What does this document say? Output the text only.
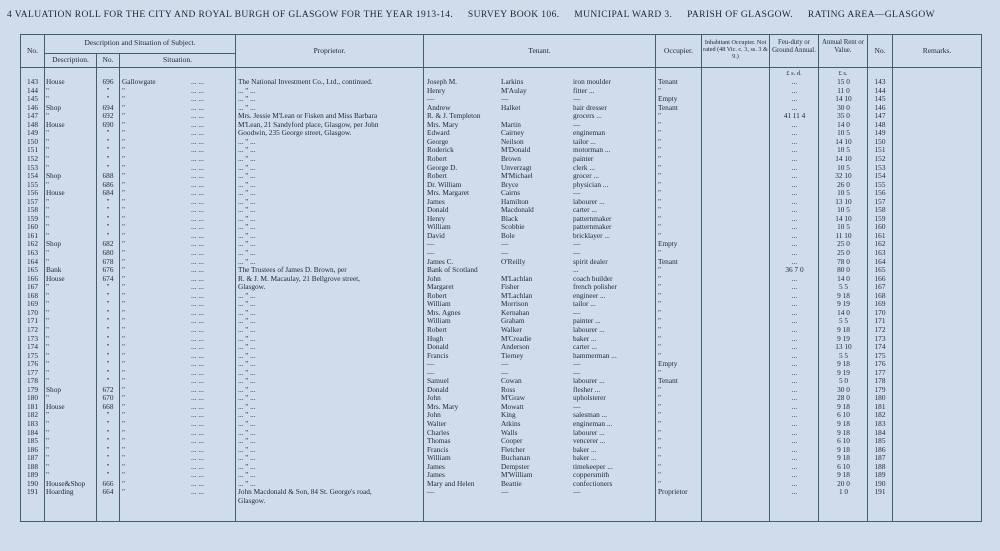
4 VALUATION ROLL FOR THE CITY AND ROYAL BURGH OF GLASGOW FOR THE YEAR 1913-14. SURVEY BOOK 106. MUNICIPAL WARD 3. PARISH OF GLASGOW. RATING AREA—GLASGOW
No.
Description and Situation of Subject.
Description.	No.	Situation.
Proprietor.	Tenant.	Occupier.
Inhabitant Occupier. Not rated (48 Vic. c. 3, ss. 3 & 9.)
Feu-duty or Ground Annual.
Annual Rent or Value.	No.	Remarks.
£ s. d.	£ s.
143	House	696	Gallowgate	... ...	The National Investment Co., Ltd., continued.	Joseph M.	Larkins	iron moulder	Tenant	...	15 0	143
144	"	"	"	... ...	... " ...	Henry	M'Aulay	fitter ...	"	...	11 0	144
145	"	"	"	... ...	... " ...	—	—	—	Empty	...	14 10	145
146	Shop	694	"	... ...	... " ...	Andrew	Halket	hair dresser	Tenant	...	30 0	146
147	"	692	"	... ...	Mrs. Jessie M'Lean or Fisken and Miss Barbara	R. & J. Templeton	grocers ...	"	41 11 4	35 0	147
148	House	690	"	... ...	M'Lean, 21 Sandyford place, Glasgow, per John	Mrs. Mary	Martin	—	"	...	14 0	148
149	"	"	"	... ...	Goodwin, 235 George street, Glasgow.	Edward	Cairney	engineman	"	...	10 5	149
150	"	"	"	... ...	... " ...	George	Neilson	tailor ...	"	...	14 10	150
151	"	"	"	... ...	... " ...	Roderick	M'Donald	motorman ...	"	...	10 5	151
152	"	"	"	... ...	... " ...	Robert	Brown	painter	"	...	14 10	152
153	"	"	"	... ...	... " ...	George D.	Unverzagt	clerk ...	"	...	10 5	153
154	Shop	688	"	... ...	... " ...	Robert	M'Michael	grocer ...	"	...	32 10	154
155	"	686	"	... ...	... " ...	Dr. William	Bryce	physician ...	"	...	26 0	155
156	House	684	"	... ...	... " ...	Mrs. Margaret	Cairns	—	"	...	10 5	156
157	"	"	"	... ...	... " ...	James	Hamilton	labourer ...	"	...	13 10	157
158	"	"	"	... ...	... " ...	Donald	Macdonald	carter ...	"	...	10 5	158
159	"	"	"	... ...	... " ...	Henry	Black	patternmaker	"	...	14 10	159
160	"	"	"	... ...	... " ...	William	Scobbie	patternmaker	"	...	10 5	160
161	"	"	"	... ...	... " ...	David	Bole	bricklayer ...	"	...	11 10	161
162	Shop	682	"	... ...	... " ...	—	—	—	Empty	...	25 0	162
163	"	680	"	... ...	... " ...	—	—	—	"	...	25 0	163
164	"	678	"	... ...	... " ...	James C.	O'Reilly	spirit dealer	Tenant	...	78 0	164
165	Bank	676	"	... ...	The Trustees of James D. Brown, per	Bank of Scotland	...	"	36 7 0	80 0	165
166	House	674	"	... ...	R. & J. M. Macaulay, 21 Bellgrove street,	John	M'Lachlan	coach builder	"	...	14 0	166
167	"	"	"	... ...	Glasgow.	Margaret	Fisher	french polisher	"	...	5 5	167
168	"	"	"	... ...	... " ...	Robert	M'Lachlan	engineer ...	"	...	9 18	168
169	"	"	"	... ...	... " ...	William	Morrison	tailor ...	"	...	9 19	169
170	"	"	"	... ...	... " ...	Mrs. Agnes	Kernahan	—	"	...	14 0	170
171	"	"	"	... ...	... " ...	William	Graham	painter ...	"	...	5 5	171
172	"	"	"	... ...	... " ...	Robert	Walker	labourer ...	"	...	9 18	172
173	"	"	"	... ...	... " ...	Hugh	M'Creadie	baker ...	"	...	9 19	173
174	"	"	"	... ...	... " ...	Donald	Anderson	carter ...	"	...	13 10	174
175	"	"	"	... ...	... " ...	Francis	Tierney	hammerman ...	"	...	5 5	175
176	"	"	"	... ...	... " ...	—	—	—	Empty	...	9 18	176
177	"	"	"	... ...	... " ...	—	—	—	"	...	9 19	177
178	"	"	"	... ...	... " ...	Samuel	Cowan	labourer ...	Tenant	...	5 0	178
179	Shop	672	"	... ...	... " ...	Donald	Ross	flesher ...	"	...	30 0	179
180	"	670	"	... ...	... " ...	John	M'Graw	upholsterer	"	...	28 0	180
181	House	668	"	... ...	... " ...	Mrs. Mary	Mowatt	—	"	...	9 18	181
182	"	"	"	... ...	... " ...	John	King	salesman ...	"	...	6 10	182
183	"	"	"	... ...	... " ...	Walter	Atkins	engineman ...	"	...	9 18	183
184	"	"	"	... ...	... " ...	Charles	Walls	labourer ...	"	...	9 18	184
185	"	"	"	... ...	... " ...	Thomas	Cooper	vencerer ...	"	...	6 10	185
186	"	"	"	... ...	... " ...	Francis	Fletcher	baker ...	"	...	9 18	186
187	"	"	"	... ...	... " ...	William	Buchanan	baker ...	"	...	9 18	187
188	"	"	"	... ...	... " ...	James	Dempster	timekeeper ...	"	...	6 10	188
189	"	"	"	... ...	... " ...	James	M'William	coppersmith	"	...	9 18	189
190	House&Shop	666	"	... ...	... " ...	Mary and Helen	Beattie	confectioners	"	...	20 0	190
191	Hoarding	664	"	... ...	John Macdonald & Son, 84 St. George's road,	—	—	—	Proprietor	...	1 0	191
Glasgow.
